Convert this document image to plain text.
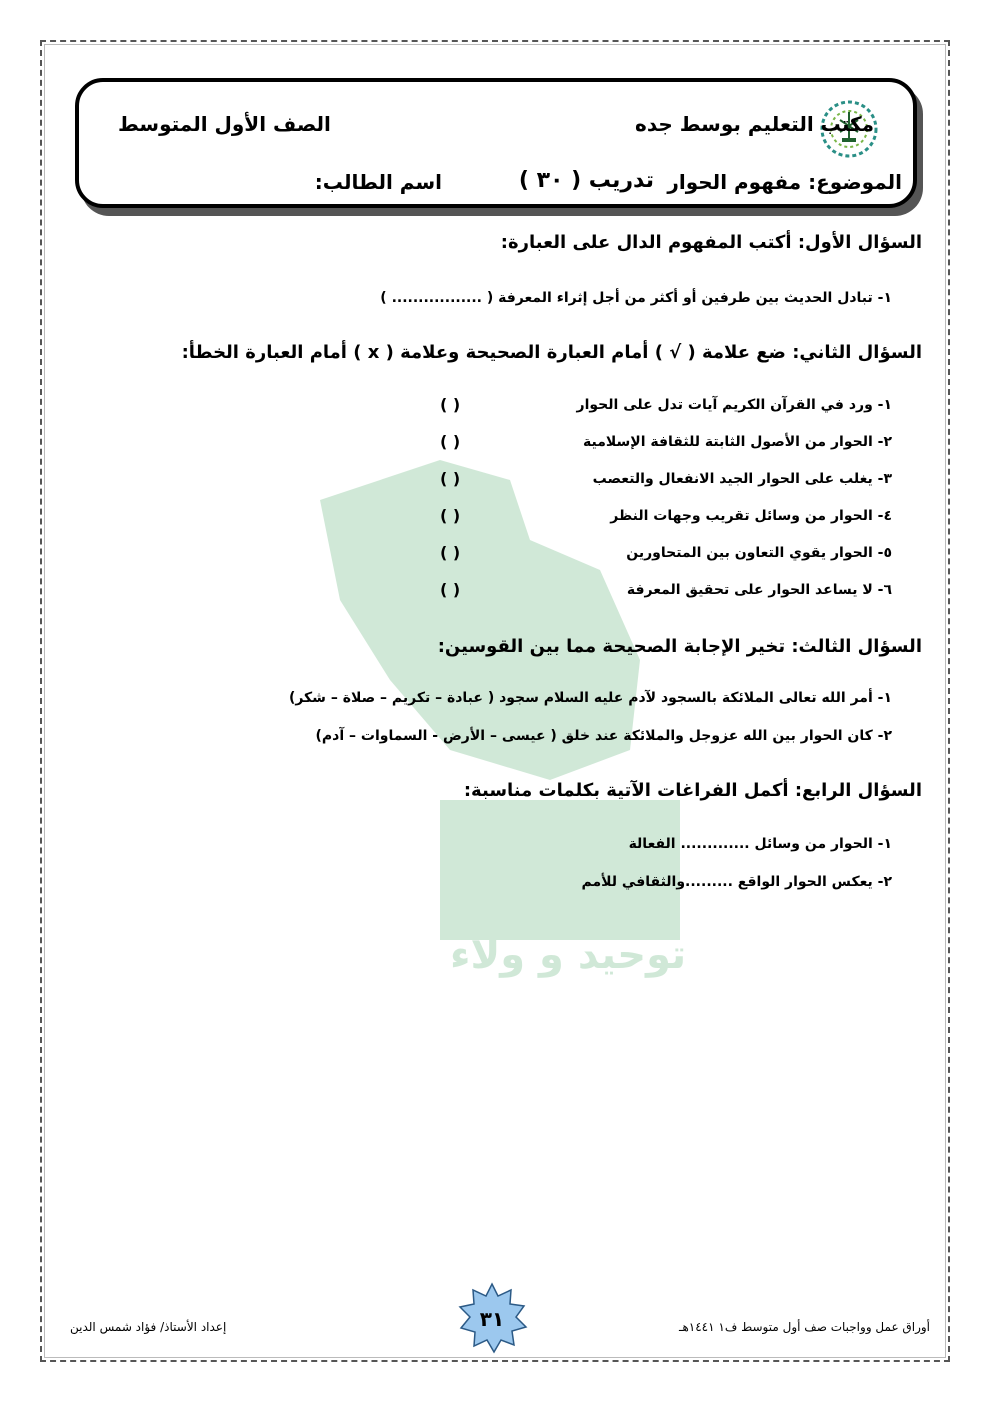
توحيد و ولاء
مكتب التعليم بوسط جده
الصف الأول المتوسط
الموضوع: مفهوم الحوار
تدريب ( ٣٠ )
اسم الطالب:
السؤال الأول: أكتب المفهوم الدال على العبارة:
١- تبادل الحديث بين طرفين أو أكثر من أجل إثراء المعرفة ( ................. )
السؤال الثاني: ضع علامة ( √ ) أمام العبارة الصحيحة وعلامة ( x ) أمام العبارة الخطأ:
١- ورد في القرآن الكريم آيات تدل على الحوار
( )
٢- الحوار من الأصول الثابتة للثقافة الإسلامية
( )
٣- يغلب على الحوار الجيد الانفعال والتعصب
( )
٤- الحوار من وسائل تقريب وجهات النظر
( )
٥- الحوار يقوي التعاون بين المتحاورين
( )
٦- لا يساعد الحوار على تحقيق المعرفة
( )
السؤال الثالث: تخير الإجابة الصحيحة مما بين القوسين:
١- أمر الله تعالى الملائكة بالسجود لآدم عليه السلام سجود ( عبادة – تكريم – صلاة – شكر)
٢- كان الحوار بين الله عزوجل والملائكة عند خلق ( عيسى – الأرض - السماوات – آدم)
السؤال الرابع: أكمل الفراغات الآتية بكلمات مناسبة:
١- الحوار من وسائل ............. الفعالة
٢- يعكس الحوار الواقع .........والثقافي للأمم
٣١
إعداد الأستاذ/ فؤاد شمس الدين	أوراق عمل وواجبات صف أول متوسط ف١ ١٤٤١هـ
